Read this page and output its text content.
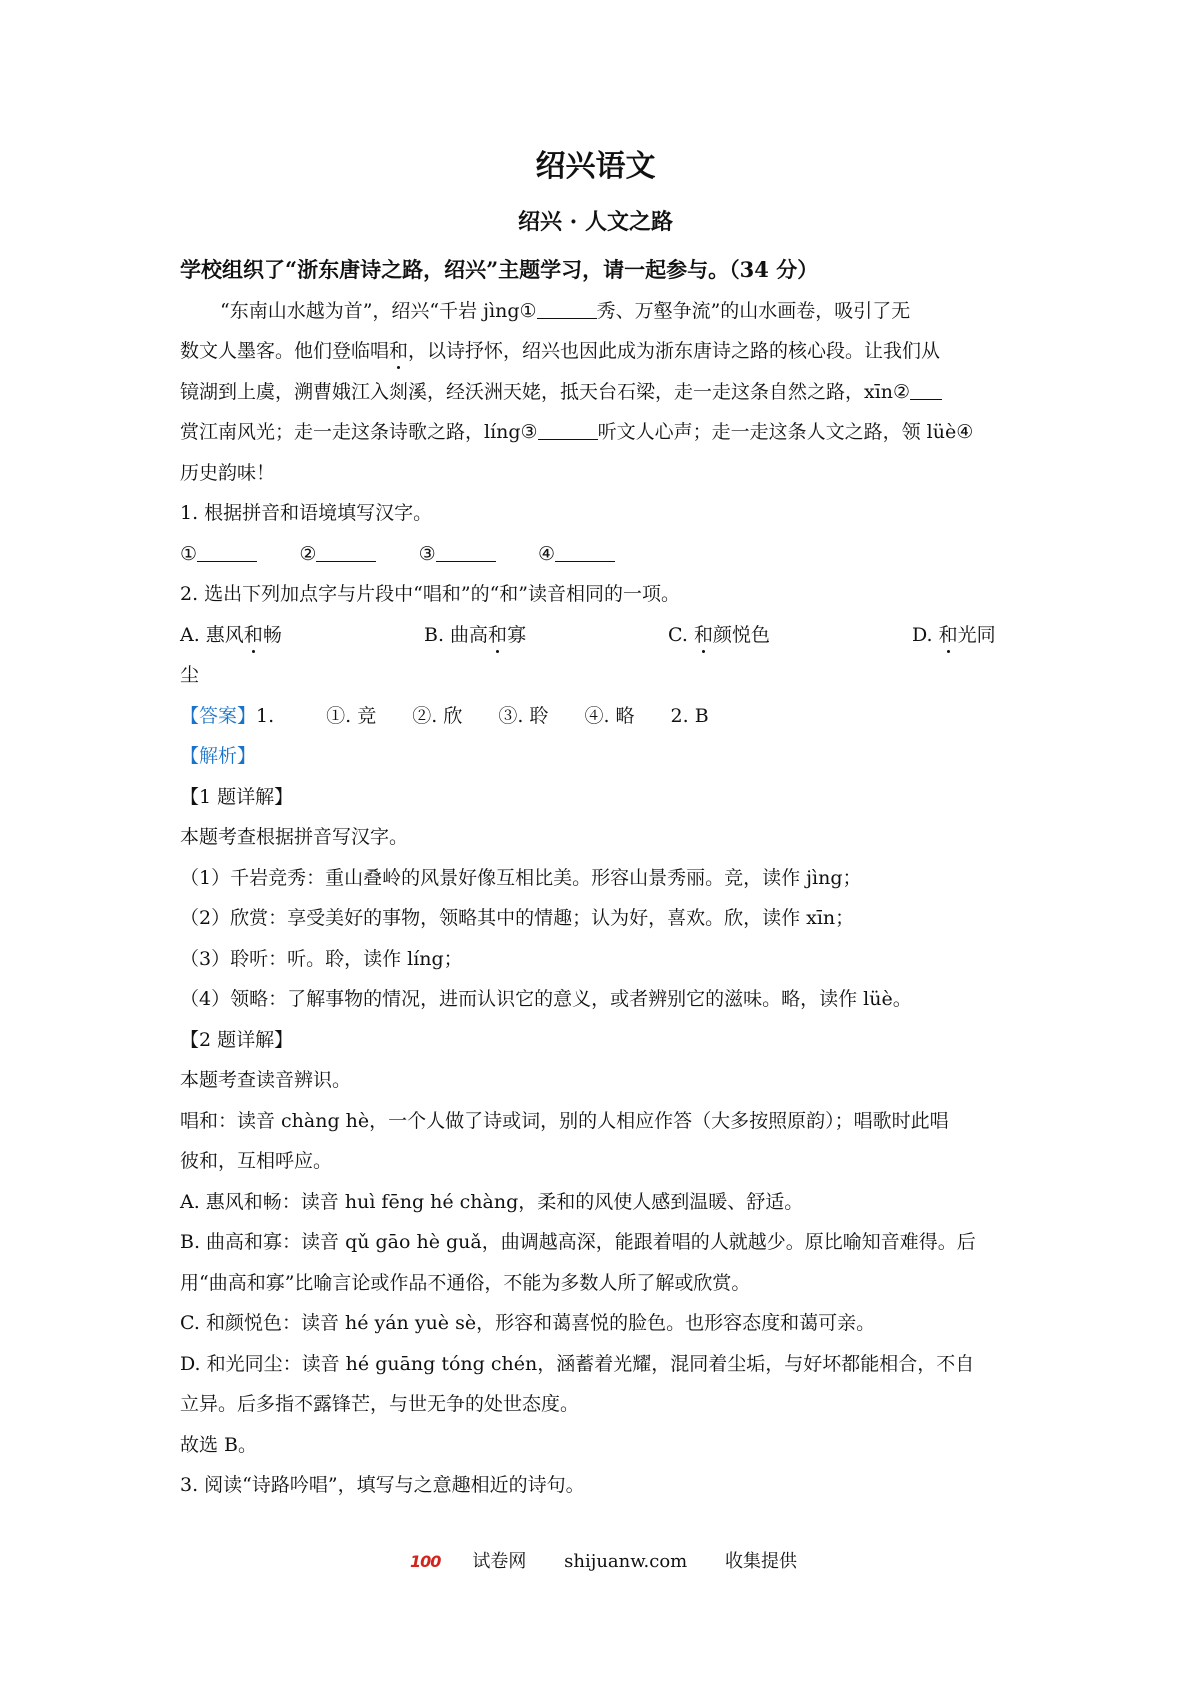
绍兴语文
绍兴 · 人文之路

学校组织了“浙东唐诗之路，绍兴”主题学习，请一起参与。（34 分）

“东南山水越为首”，绍兴“千岩 jìng①	秀、万壑争流”的山水画卷，吸引了无

数文人墨客。他们登临唱和，以诗抒怀，绍兴也因此成为浙东唐诗之路的核心段。让我们从

镜湖到上虞，溯曹娥江入剡溪，经沃洲天姥，抵天台石梁，走一走这条自然之路，xīn②

赏江南风光；走一走这条诗歌之路，líng③	听文人心声；走一走这条人文之路，领 lüè④

历史韵味！

1. 根据拼音和语境填写汉字。

①	②	③	④

2. 选出下列加点字与片段中“唱和”的“和”读音相同的一项。

A. 惠风和畅	B. 曲高和寡	C. 和颜悦色	D. 和光同

尘

【答案】1.	①. 竞 ②. 欣 ③. 聆 ④. 略 2. B

【解析】

【1 题详解】

本题考查根据拼音写汉字。

（1）千岩竞秀：重山叠岭的风景好像互相比美。形容山景秀丽。竞，读作 jìng；

（2）欣赏：享受美好的事物，领略其中的情趣；认为好，喜欢。欣，读作 xīn；

（3）聆听：听。聆，读作 líng；

（4）领略：了解事物的情况，进而认识它的意义，或者辨别它的滋味。略，读作 lüè。

【2 题详解】

本题考查读音辨识。

唱和：读音 chàng hè，一个人做了诗或词，别的人相应作答（大多按照原韵）；唱歌时此唱

彼和，互相呼应。

A. 惠风和畅：读音 huì fēng hé chàng，柔和的风使人感到温暖、舒适。

B. 曲高和寡：读音 qǔ gāo hè guǎ，曲调越高深，能跟着唱的人就越少。原比喻知音难得。后

用“曲高和寡”比喻言论或作品不通俗，不能为多数人所了解或欣赏。

C. 和颜悦色：读音 hé yán yuè sè，形容和蔼喜悦的脸色。也形容态度和蔼可亲。

D. 和光同尘：读音 hé guāng tóng chén，涵蓄着光耀，混同着尘垢，与好坏都能相合，不自

立异。后多指不露锋芒，与世无争的处世态度。

故选 B。

3. 阅读“诗路吟唱”，填写与之意趣相近的诗句。

100 试卷网 shijuanw.com 收集提供
